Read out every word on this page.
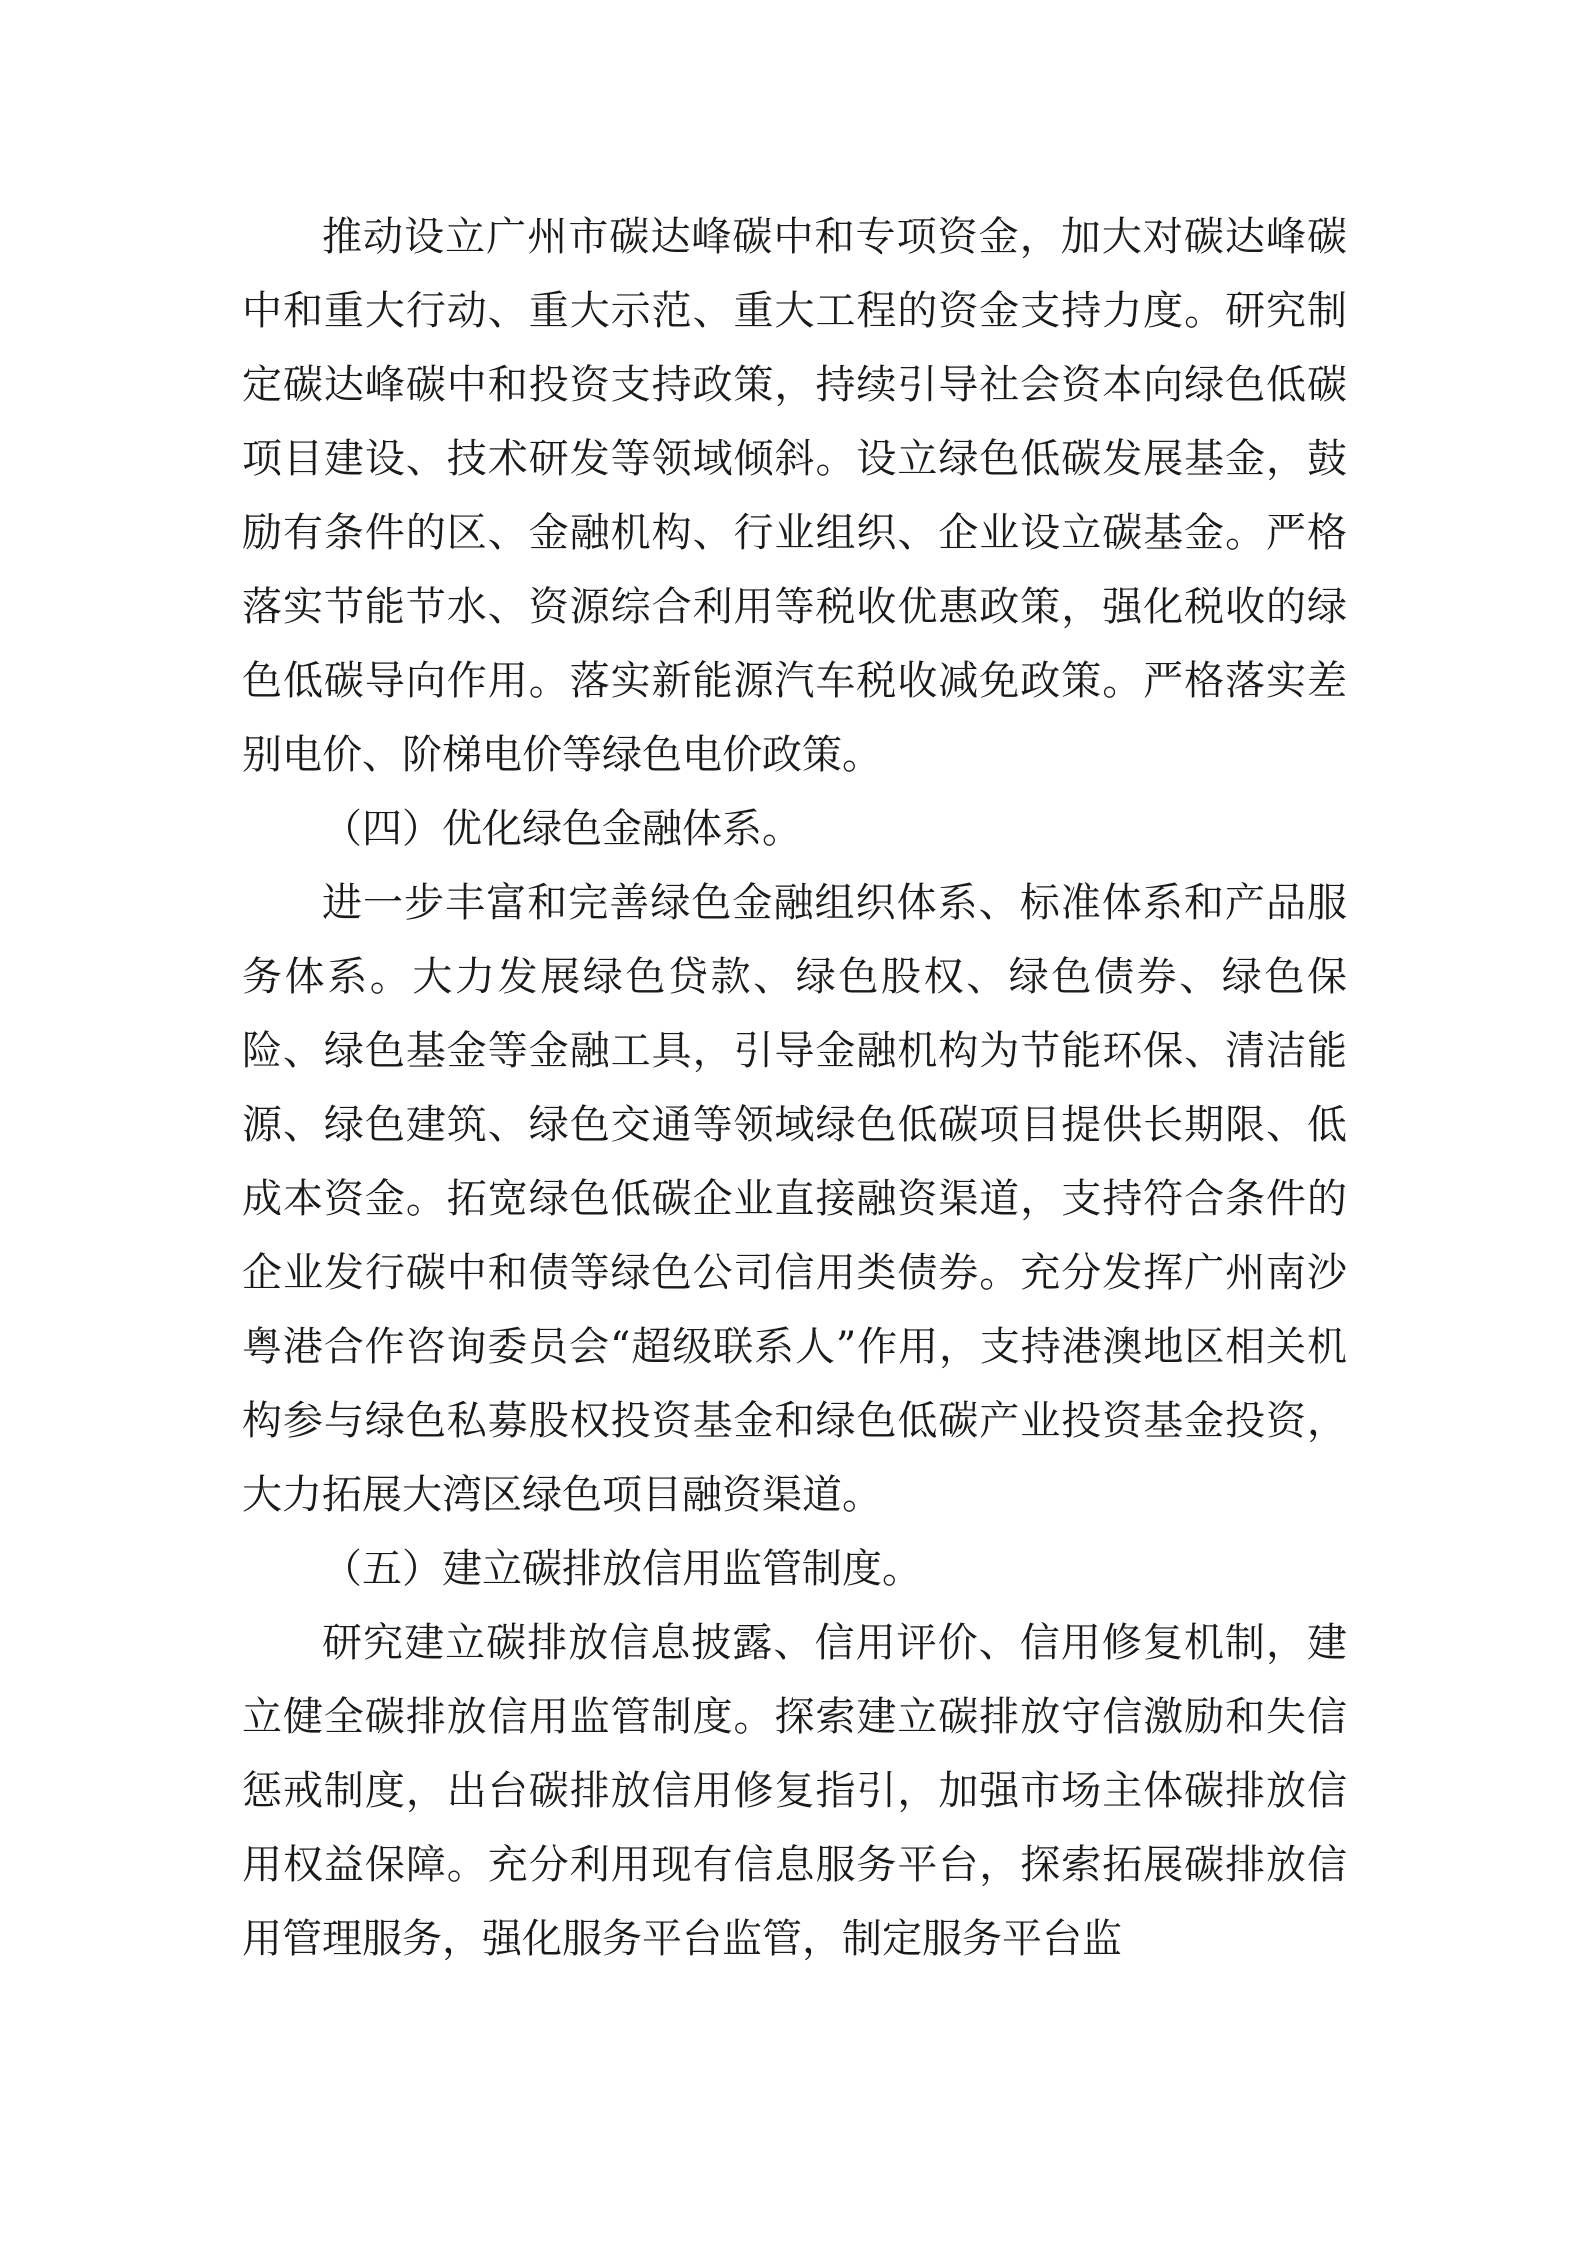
推动设立广州市碳达峰碳中和专项资金，加大对碳达峰碳中和重大行动、重大示范、重大工程的资金支持力度。研究制定碳达峰碳中和投资支持政策，持续引导社会资本向绿色低碳项目建设、技术研发等领域倾斜。设立绿色低碳发展基金，鼓励有条件的区、金融机构、行业组织、企业设立碳基金。严格落实节能节水、资源综合利用等税收优惠政策，强化税收的绿色低碳导向作用。落实新能源汽车税收减免政策。严格落实差别电价、阶梯电价等绿色电价政策。

（四）优化绿色金融体系。

进一步丰富和完善绿色金融组织体系、标准体系和产品服务体系。大力发展绿色贷款、绿色股权、绿色债券、绿色保险、绿色基金等金融工具，引导金融机构为节能环保、清洁能源、绿色建筑、绿色交通等领域绿色低碳项目提供长期限、低成本资金。拓宽绿色低碳企业直接融资渠道，支持符合条件的企业发行碳中和债等绿色公司信用类债券。充分发挥广州南沙粤港合作咨询委员会“超级联系人”作用，支持港澳地区相关机构参与绿色私募股权投资基金和绿色低碳产业投资基金投资，大力拓展大湾区绿色项目融资渠道。

（五）建立碳排放信用监管制度。

研究建立碳排放信息披露、信用评价、信用修复机制，建立健全碳排放信用监管制度。探索建立碳排放守信激励和失信惩戒制度，出台碳排放信用修复指引，加强市场主体碳排放信用权益保障。充分利用现有信息服务平台，探索拓展碳排放信用管理服务，强化服务平台监管，制定服务平台监
